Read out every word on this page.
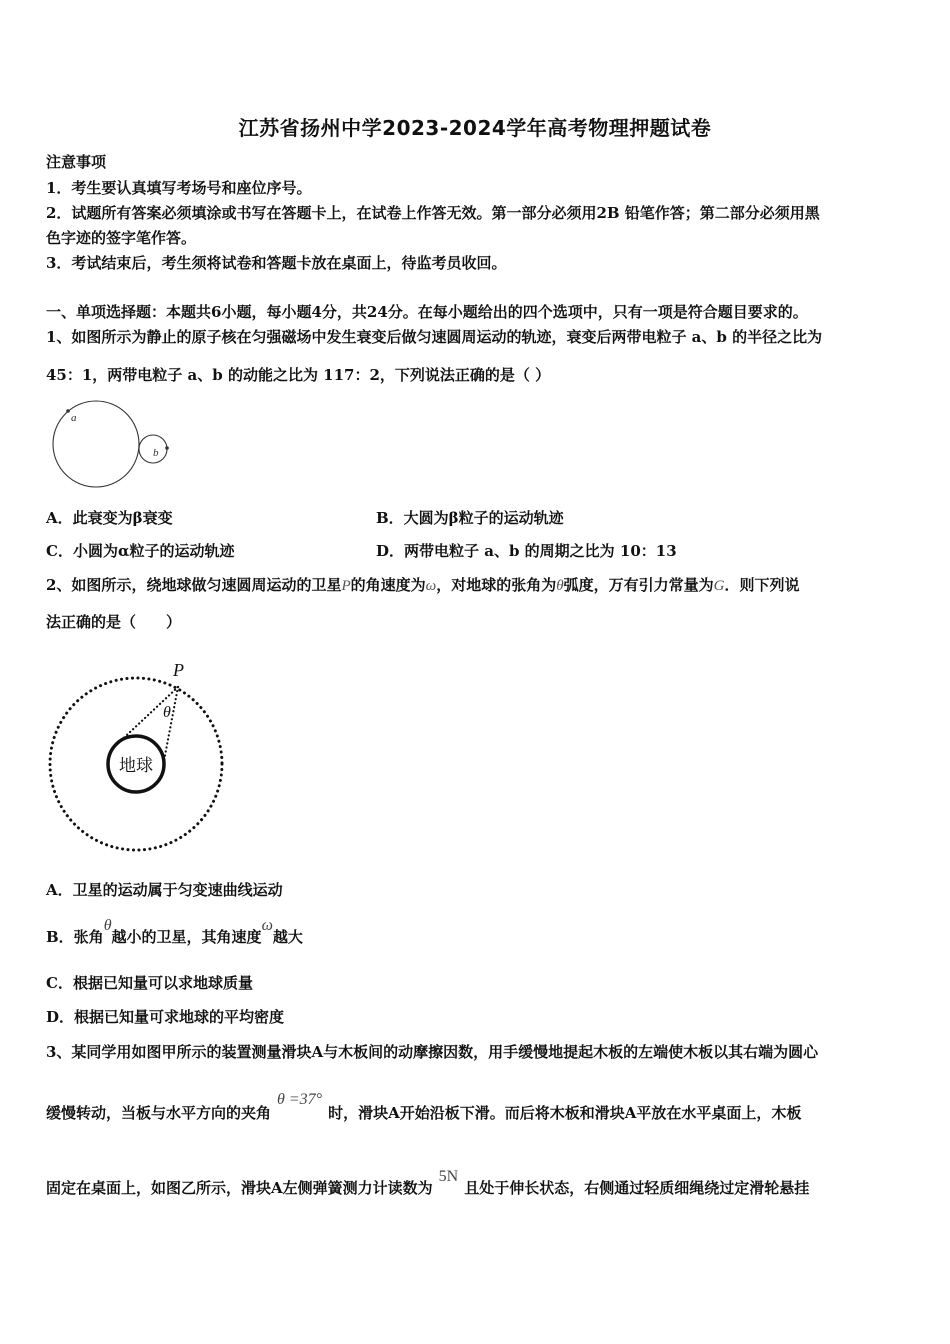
江苏省扬州中学2023-2024学年高考物理押题试卷
注意事项
1．考生要认真填写考场号和座位序号。
2．试题所有答案必须填涂或书写在答题卡上，在试卷上作答无效。第一部分必须用2B 铅笔作答；第二部分必须用黑
色字迹的签字笔作答。
3．考试结束后，考生须将试卷和答题卡放在桌面上，待监考员收回。
一、单项选择题：本题共6小题，每小题4分，共24分。在每小题给出的四个选项中，只有一项是符合题目要求的。
1、如图所示为静止的原子核在匀强磁场中发生衰变后做匀速圆周运动的轨迹，衰变后两带电粒子 a、b 的半径之比为
45：1，两带电粒子 a、b 的动能之比为 117：2，下列说法正确的是（ ）
a
b
A．此衰变为β衰变	B．大圆为β粒子的运动轨迹
C．小圆为α粒子的运动轨迹	D．两带电粒子 a、b 的周期之比为 10：13
2、如图所示，绕地球做匀速圆周运动的卫星P的角速度为ω，对地球的张角为θ弧度，万有引力常量为G．则下列说
法正确的是（　　）
P
θ
地球
A．卫星的运动属于匀变速曲线运动
B．张角θ越小的卫星，其角速度ω越大
C．根据已知量可以求地球质量
D．根据已知量可求地球的平均密度
3、某同学用如图甲所示的装置测量滑块A与木板间的动摩擦因数，用手缓慢地提起木板的左端使木板以其右端为圆心
缓慢转动，当板与水平方向的夹角θ =37°时，滑块A开始沿板下滑。而后将木板和滑块A平放在水平桌面上，木板
固定在桌面上，如图乙所示，滑块A左侧弹簧测力计读数为5N且处于伸长状态，右侧通过轻质细绳绕过定滑轮悬挂
